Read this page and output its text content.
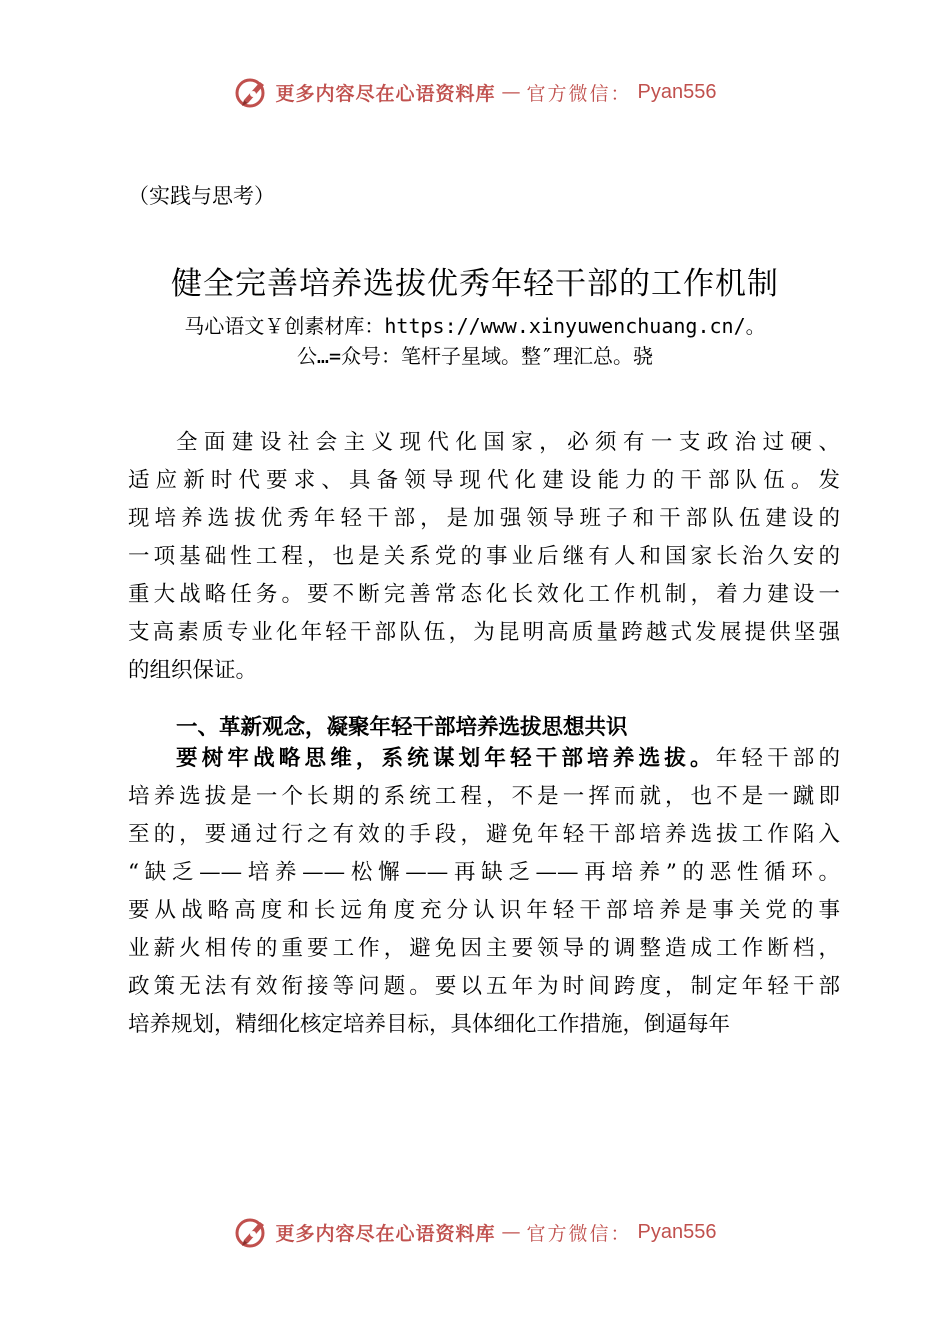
更多内容尽在心语资料库 — 官方微信： Pyan556
（实践与思考）
健全完善培养选拔优秀年轻干部的工作机制
马心语文￥创素材库：https://www.xinyuwenchuang.cn/。
公…=众号：笔杆子星域。整″理汇总。骁
全面建设社会主义现代化国家，必须有一支政治过硬、
适应新时代要求、具备领导现代化建设能力的干部队伍。发
现培养选拔优秀年轻干部，是加强领导班子和干部队伍建设的
一项基础性工程，也是关系党的事业后继有人和国家长治久安的
重大战略任务。要不断完善常态化长效化工作机制，着力建设一
支高素质专业化年轻干部队伍，为昆明高质量跨越式发展提供坚强
的组织保证。
一、革新观念，凝聚年轻干部培养选拔思想共识
要树牢战略思维，系统谋划年轻干部培养选拔。年轻干部的
培养选拔是一个长期的系统工程，不是一挥而就，也不是一蹴即
至的，要通过行之有效的手段，避免年轻干部培养选拔工作陷入
“缺乏——培养——松懈——再缺乏——再培养”的恶性循环。
要从战略高度和长远角度充分认识年轻干部培养是事关党的事
业薪火相传的重要工作，避免因主要领导的调整造成工作断档，
政策无法有效衔接等问题。要以五年为时间跨度，制定年轻干部
培养规划，精细化核定培养目标，具体细化工作措施，倒逼每年
更多内容尽在心语资料库 — 官方微信： Pyan556
